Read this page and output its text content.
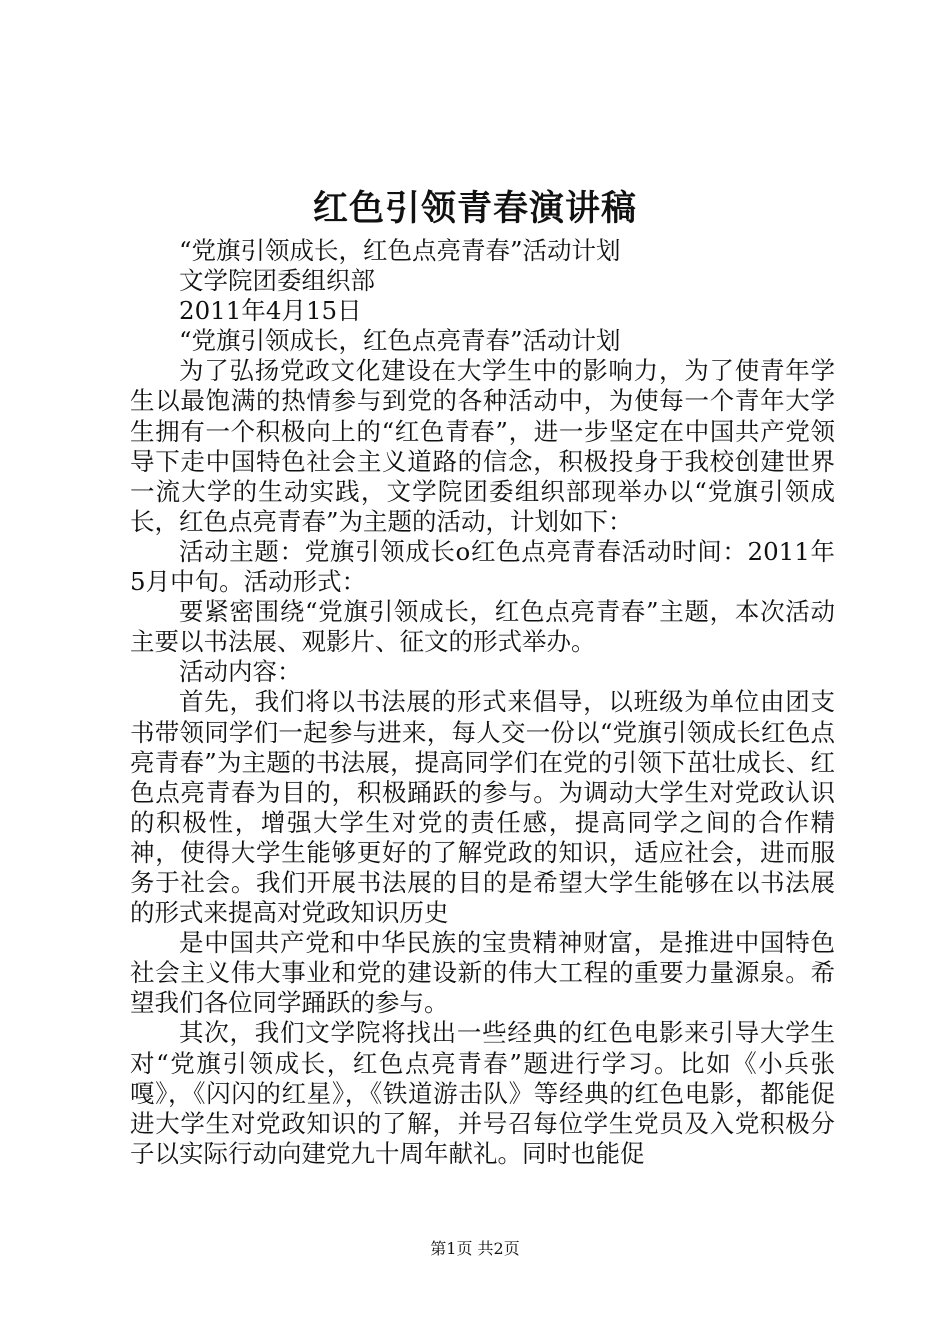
红色引领青春演讲稿

“党旗引领成长，红色点亮青春”活动计划

文学院团委组织部

2011年4月15日

“党旗引领成长，红色点亮青春”活动计划

为了弘扬党政文化建设在大学生中的影响力，为了使青年学生以最饱满的热情参与到党的各种活动中，为使每一个青年大学生拥有一个积极向上的“红色青春”，进一步坚定在中国共产党领导下走中国特色社会主义道路的信念，积极投身于我校创建世界一流大学的生动实践，文学院团委组织部现举办以“党旗引领成长，红色点亮青春”为主题的活动，计划如下：

活动主题：党旗引领成长o红色点亮青春活动时间：2011年5月中旬。活动形式：

要紧密围绕“党旗引领成长，红色点亮青春”主题，本次活动主要以书法展、观影片、征文的形式举办。

活动内容：

首先，我们将以书法展的形式来倡导，以班级为单位由团支书带领同学们一起参与进来，每人交一份以“党旗引领成长红色点亮青春”为主题的书法展，提高同学们在党的引领下茁壮成长、红色点亮青春为目的，积极踊跃的参与。为调动大学生对党政认识的积极性，增强大学生对党的责任感，提高同学之间的合作精神，使得大学生能够更好的了解党政的知识，适应社会，进而服务于社会。我们开展书法展的目的是希望大学生能够在以书法展的形式来提高对党政知识历史

是中国共产党和中华民族的宝贵精神财富，是推进中国特色社会主义伟大事业和党的建设新的伟大工程的重要力量源泉。希望我们各位同学踊跃的参与。

其次，我们文学院将找出一些经典的红色电影来引导大学生对“党旗引领成长，红色点亮青春”题进行学习。比如《小兵张嘎》，《闪闪的红星》，《铁道游击队》等经典的红色电影，都能促进大学生对党政知识的了解，并号召每位学生党员及入党积极分子以实际行动向建党九十周年献礼。同时也能促

第1页 共2页
